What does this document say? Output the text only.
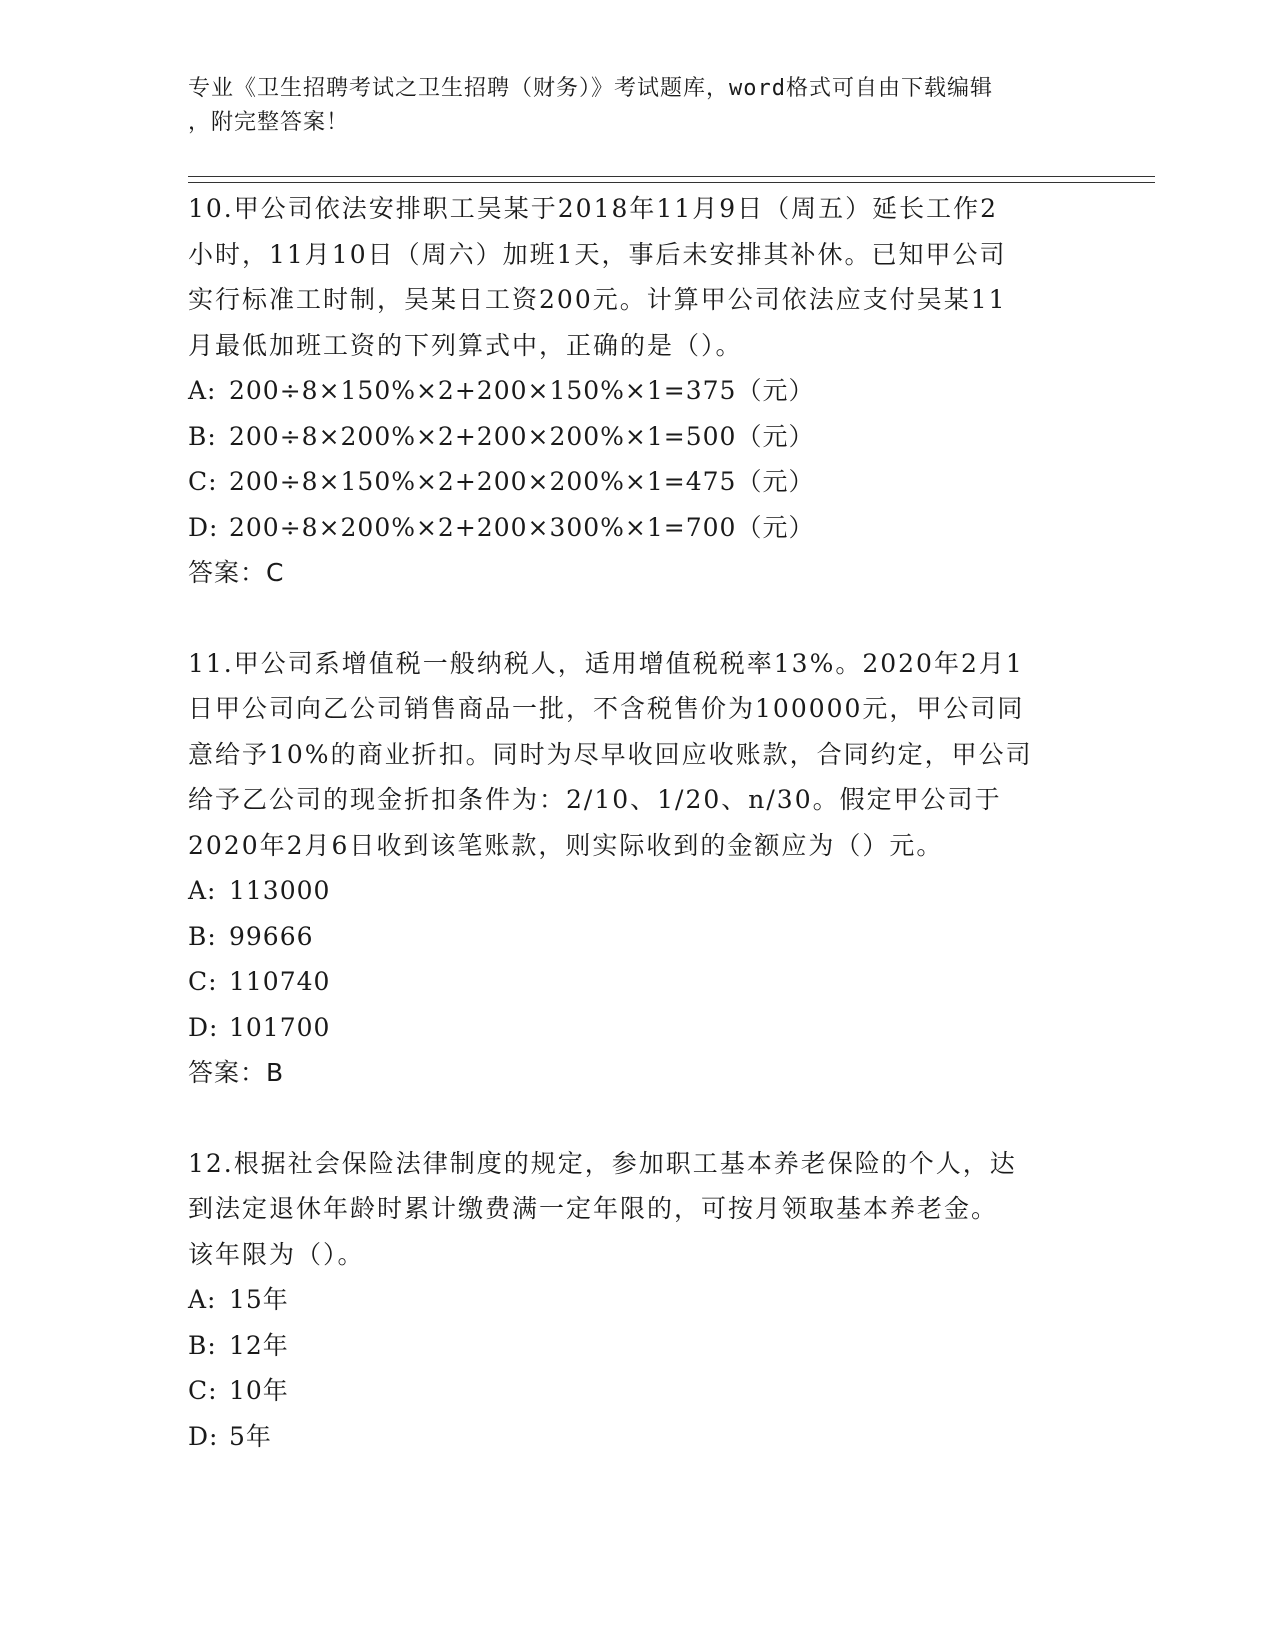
专业《卫生招聘考试之卫生招聘（财务）》考试题库，word格式可自由下载编辑
，附完整答案！

10.甲公司依法安排职工吴某于2018年11月9日（周五）延长工作2

小时，11月10日（周六）加班1天，事后未安排其补休。已知甲公司

实行标准工时制，吴某日工资200元。计算甲公司依法应支付吴某11

月最低加班工资的下列算式中，正确的是（）。

A: 200÷8×150%×2+200×150%×1=375（元）

B: 200÷8×200%×2+200×200%×1=500（元）

C: 200÷8×150%×2+200×200%×1=475（元）

D: 200÷8×200%×2+200×300%×1=700（元）

答案：C

11.甲公司系增值税一般纳税人，适用增值税税率13%。2020年2月1

日甲公司向乙公司销售商品一批，不含税售价为100000元，甲公司同

意给予10%的商业折扣。同时为尽早收回应收账款，合同约定，甲公司

给予乙公司的现金折扣条件为：2/10、1/20、n/30。假定甲公司于

2020年2月6日收到该笔账款，则实际收到的金额应为（）元。

A: 113000

B: 99666

C: 110740

D: 101700

答案：B

12.根据社会保险法律制度的规定，参加职工基本养老保险的个人，达

到法定退休年龄时累计缴费满一定年限的，可按月领取基本养老金。

该年限为（）。

A: 15年

B: 12年

C: 10年

D: 5年
